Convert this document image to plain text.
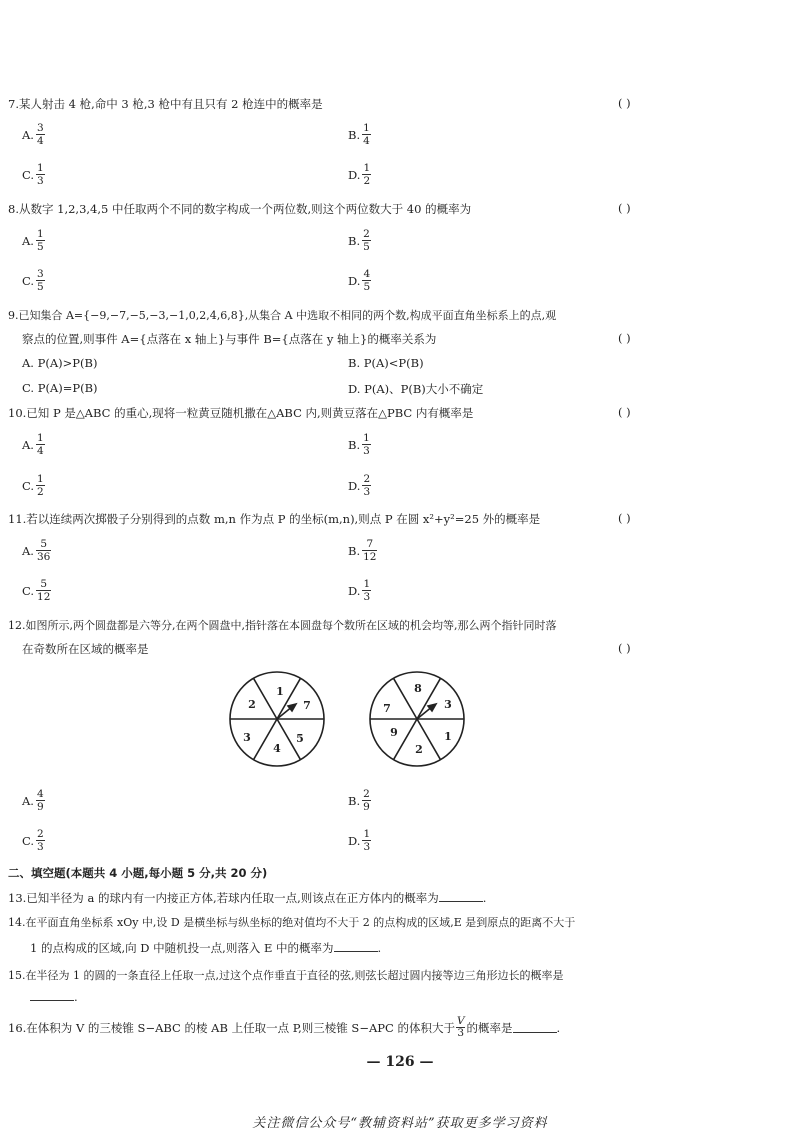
7.某人射击 4 枪,命中 3 枪,3 枪中有且只有 2 枪连中的概率是	( )
A. $\frac{3}{4}$	B. $\frac{1}{4}$
C. $\frac{1}{3}$	D. $\frac{1}{2}$
8.从数字 1,2,3,4,5 中任取两个不同的数字构成一个两位数,则这个两位数大于 40 的概率为	( )
A. $\frac{1}{5}$	B. $\frac{2}{5}$
C. $\frac{3}{5}$	D. $\frac{4}{5}$
9.已知集合 A={−9,−7,−5,−3,−1,0,2,4,6,8},从集合 A 中选取不相同的两个数,构成平面直角坐标系上的点,观
察点的位置,则事件 A={点落在 x 轴上}与事件 B={点落在 y 轴上}的概率关系为	( )
A. P(A)>P(B)	B. P(A)<P(B)
C. P(A)=P(B)	D. P(A)、P(B)大小不确定
10.已知 P 是△ABC 的重心,现将一粒黄豆随机撒在△ABC 内,则黄豆落在△PBC 内有概率是	( )
A. $\frac{1}{4}$	B. $\frac{1}{3}$
C. $\frac{1}{2}$	D. $\frac{2}{3}$
11.若以连续两次掷骰子分别得到的点数 m,n 作为点 P 的坐标(m,n),则点 P 在圆 x²+y²=25 外的概率是	( )
A. $\frac{5}{36}$	B. $\frac{7}{12}$
C. $\frac{5}{12}$	D. $\frac{1}{3}$
12.如图所示,两个圆盘都是六等分,在两个圆盘中,指针落在本圆盘每个数所在区域的机会均等,那么两个指针同时落
在奇数所在区域的概率是	( )
1
7
5
4
3
2
8
3
1
2
9
7
A. $\frac{4}{9}$	B. $\frac{2}{9}$
C. $\frac{2}{3}$	D. $\frac{1}{3}$
二、填空题(本题共 4 小题,每小题 5 分,共 20 分)
13.已知半径为 a 的球内有一内接正方体,若球内任取一点,则该点在正方体内的概率为	.
14.在平面直角坐标系 xOy 中,设 D 是横坐标与纵坐标的绝对值均不大于 2 的点构成的区域,E 是到原点的距离不大于
1 的点构成的区域,向 D 中随机投一点,则落入 E 中的概率为	.
15.在半径为 1 的圆的一条直径上任取一点,过这个点作垂直于直径的弦,则弦长超过圆内接等边三角形边长的概率是
.
16.在体积为 V 的三棱锥 S−ABC 的棱 AB 上任取一点 P,则三棱锥 S−APC 的体积大于 $\frac{V}{3}$ 的概率是	.
— 126 —
关注微信公众号“教辅资料站”获取更多学习资料
